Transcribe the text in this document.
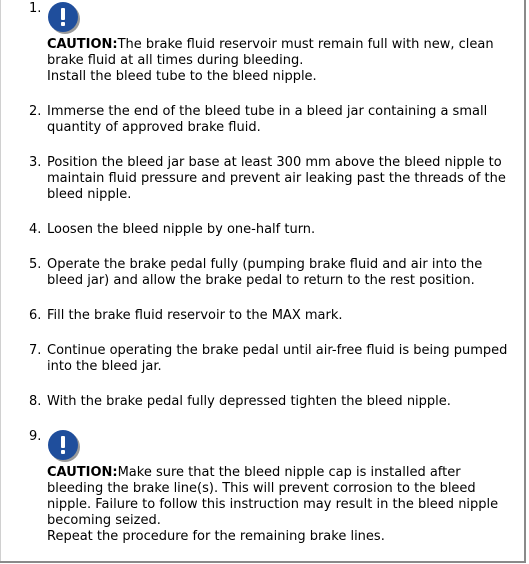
1.
CAUTION:The brake fluid reservoir must remain full with new, clean brake fluid at all times during bleeding.
Install the bleed tube to the bleed nipple.
2. Immerse the end of the bleed tube in a bleed jar containing a small quantity of approved brake fluid.
3. Position the bleed jar base at least 300 mm above the bleed nipple to maintain fluid pressure and prevent air leaking past the threads of the bleed nipple.
4. Loosen the bleed nipple by one-half turn.
5. Operate the brake pedal fully (pumping brake fluid and air into the bleed jar) and allow the brake pedal to return to the rest position.
6. Fill the brake fluid reservoir to the MAX mark.
7. Continue operating the brake pedal until air-free fluid is being pumped into the bleed jar.
8. With the brake pedal fully depressed tighten the bleed nipple.
9.
CAUTION:Make sure that the bleed nipple cap is installed after bleeding the brake line(s). This will prevent corrosion to the bleed nipple. Failure to follow this instruction may result in the bleed nipple becoming seized.
Repeat the procedure for the remaining brake lines.
